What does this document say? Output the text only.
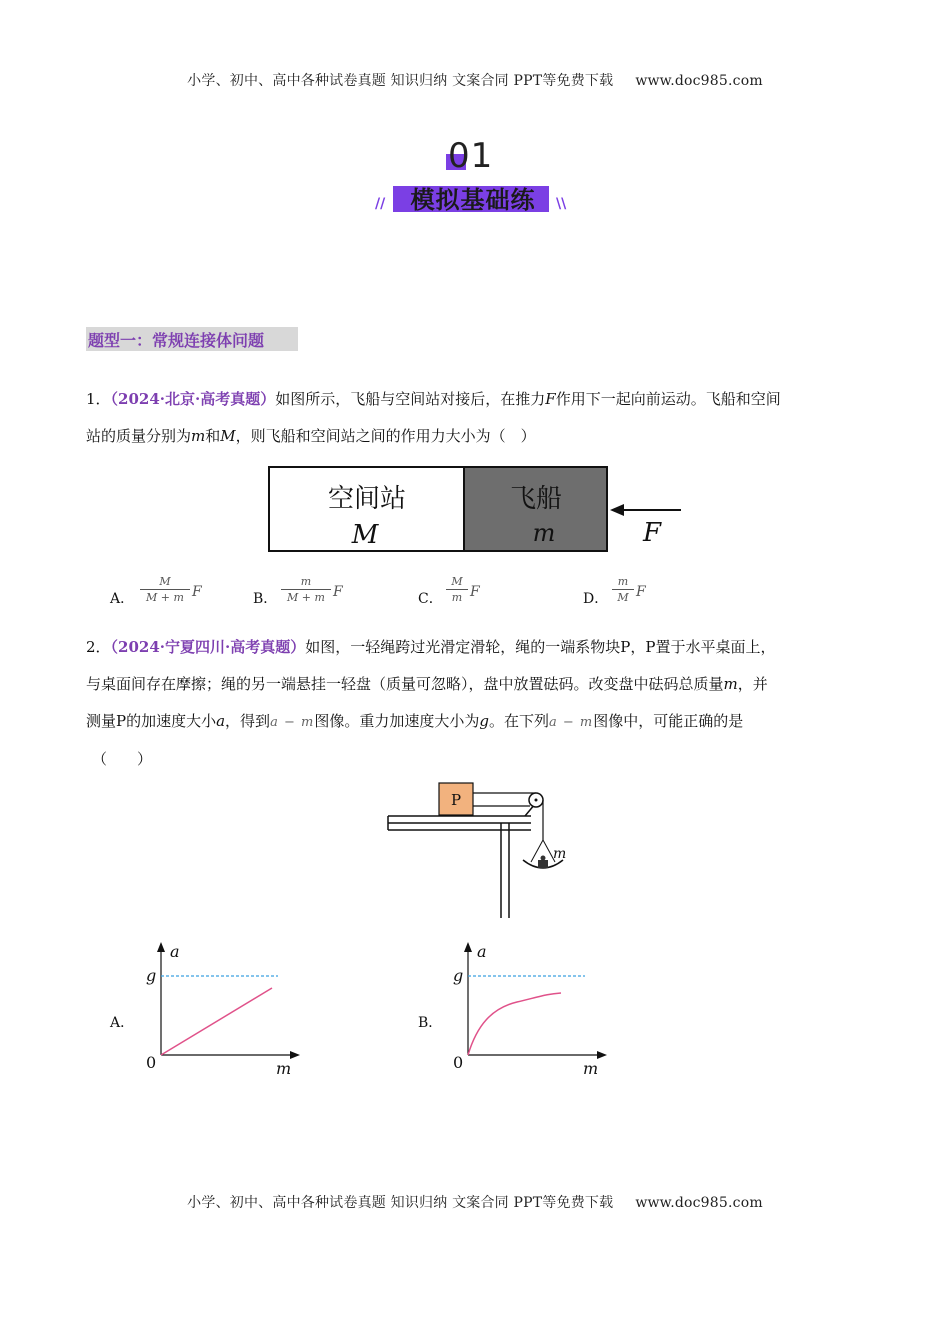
小学、初中、高中各种试卷真题 知识归纳 文案合同 PPT等免费下载 www.doc985.com
01
//	模拟基础练	\\
题型一：常规连接体问题
1．（2024·北京·高考真题）如图所示，飞船与空间站对接后，在推力F作用下一起向前运动。飞船和空间
站的质量分别为m和M，则飞船和空间站之间的作用力大小为（　）
空间站
M
飞船
m	F
A．
M
M + m F	B．
m
M + m F	C．
M
m F	D．
m
M F
2．（2024·宁夏四川·高考真题）如图，一轻绳跨过光滑定滑轮，绳的一端系物块P，P置于水平桌面上，
与桌面间存在摩擦；绳的另一端悬挂一轻盘（质量可忽略），盘中放置砝码。改变盘中砝码总质量m，并
测量P的加速度大小a，得到a − m图像。重力加速度大小为g。在下列a − m图像中，可能正确的是
（　　）
P
m
A．
a
g
0	m
B．
a
g
0	m
小学、初中、高中各种试卷真题 知识归纳 文案合同 PPT等免费下载 www.doc985.com
